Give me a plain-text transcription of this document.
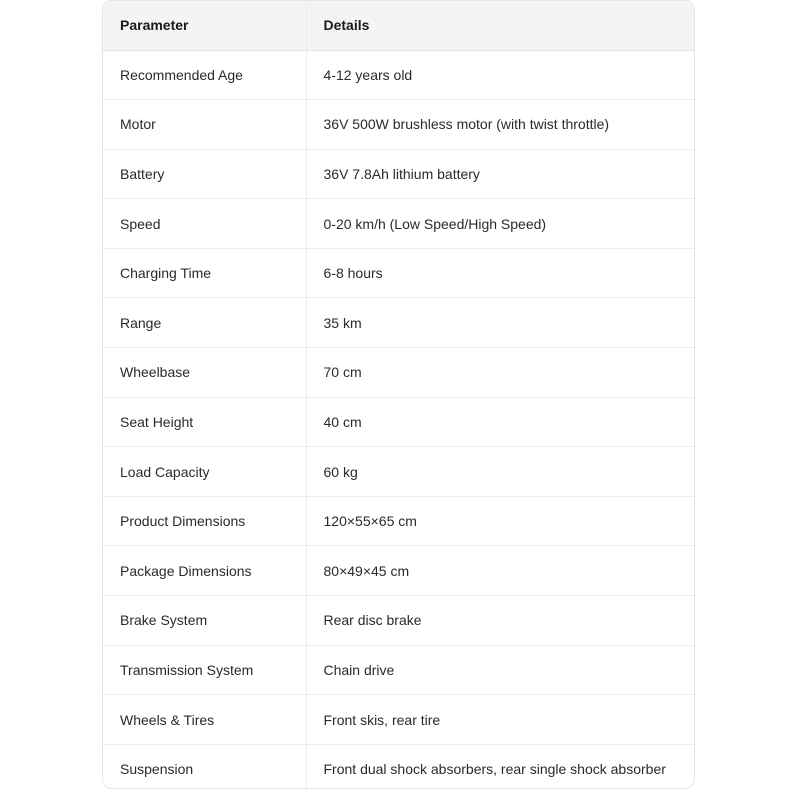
Parameter	Details
Recommended Age	4-12 years old
Motor	36V 500W brushless motor (with twist throttle)
Battery	36V 7.8Ah lithium battery
Speed	0-20 km/h (Low Speed/High Speed)
Charging Time	6-8 hours
Range	35 km
Wheelbase	70 cm
Seat Height	40 cm
Load Capacity	60 kg
Product Dimensions	120×55×65 cm
Package Dimensions	80×49×45 cm
Brake System	Rear disc brake
Transmission System	Chain drive
Wheels & Tires	Front skis, rear tire
Suspension	Front dual shock absorbers, rear single shock absorber
